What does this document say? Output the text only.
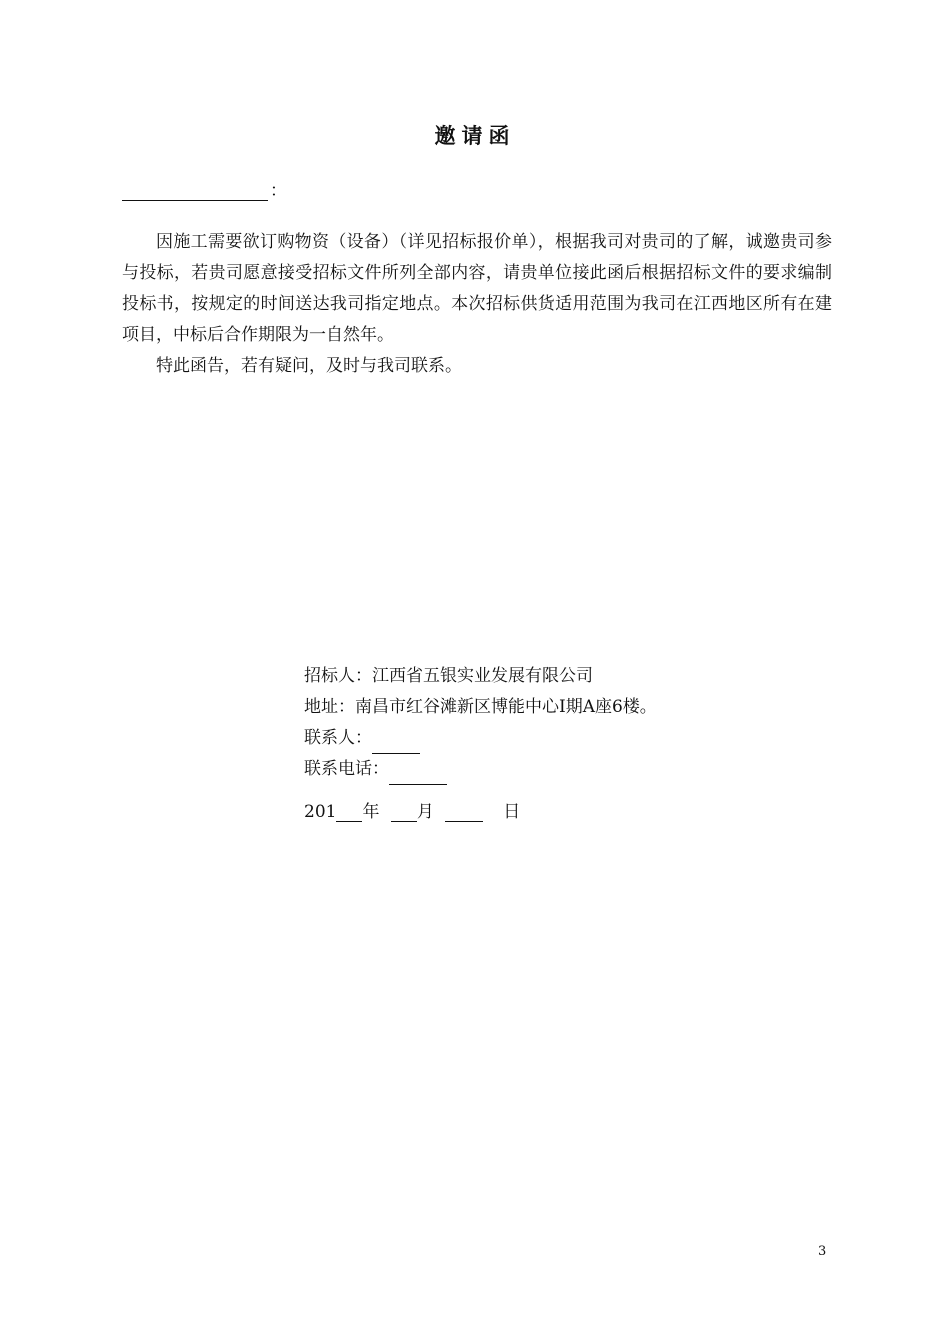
邀请函
：

因施工需要欲订购物资（设备）（详见招标报价单），根据我司对贵司的了解，诚邀贵司参与投标，若贵司愿意接受招标文件所列全部内容，请贵单位接此函后根据招标文件的要求编制投标书，按规定的时间送达我司指定地点。本次招标供货适用范围为我司在江西地区所有在建项目，中标后合作期限为一自然年。

特此函告，若有疑问，及时与我司联系。

招标人：江西省五银实业发展有限公司
地址：南昌市红谷滩新区博能中心Ⅰ期A座6楼。
联系人：
联系电话：
201 年 月	日
3
